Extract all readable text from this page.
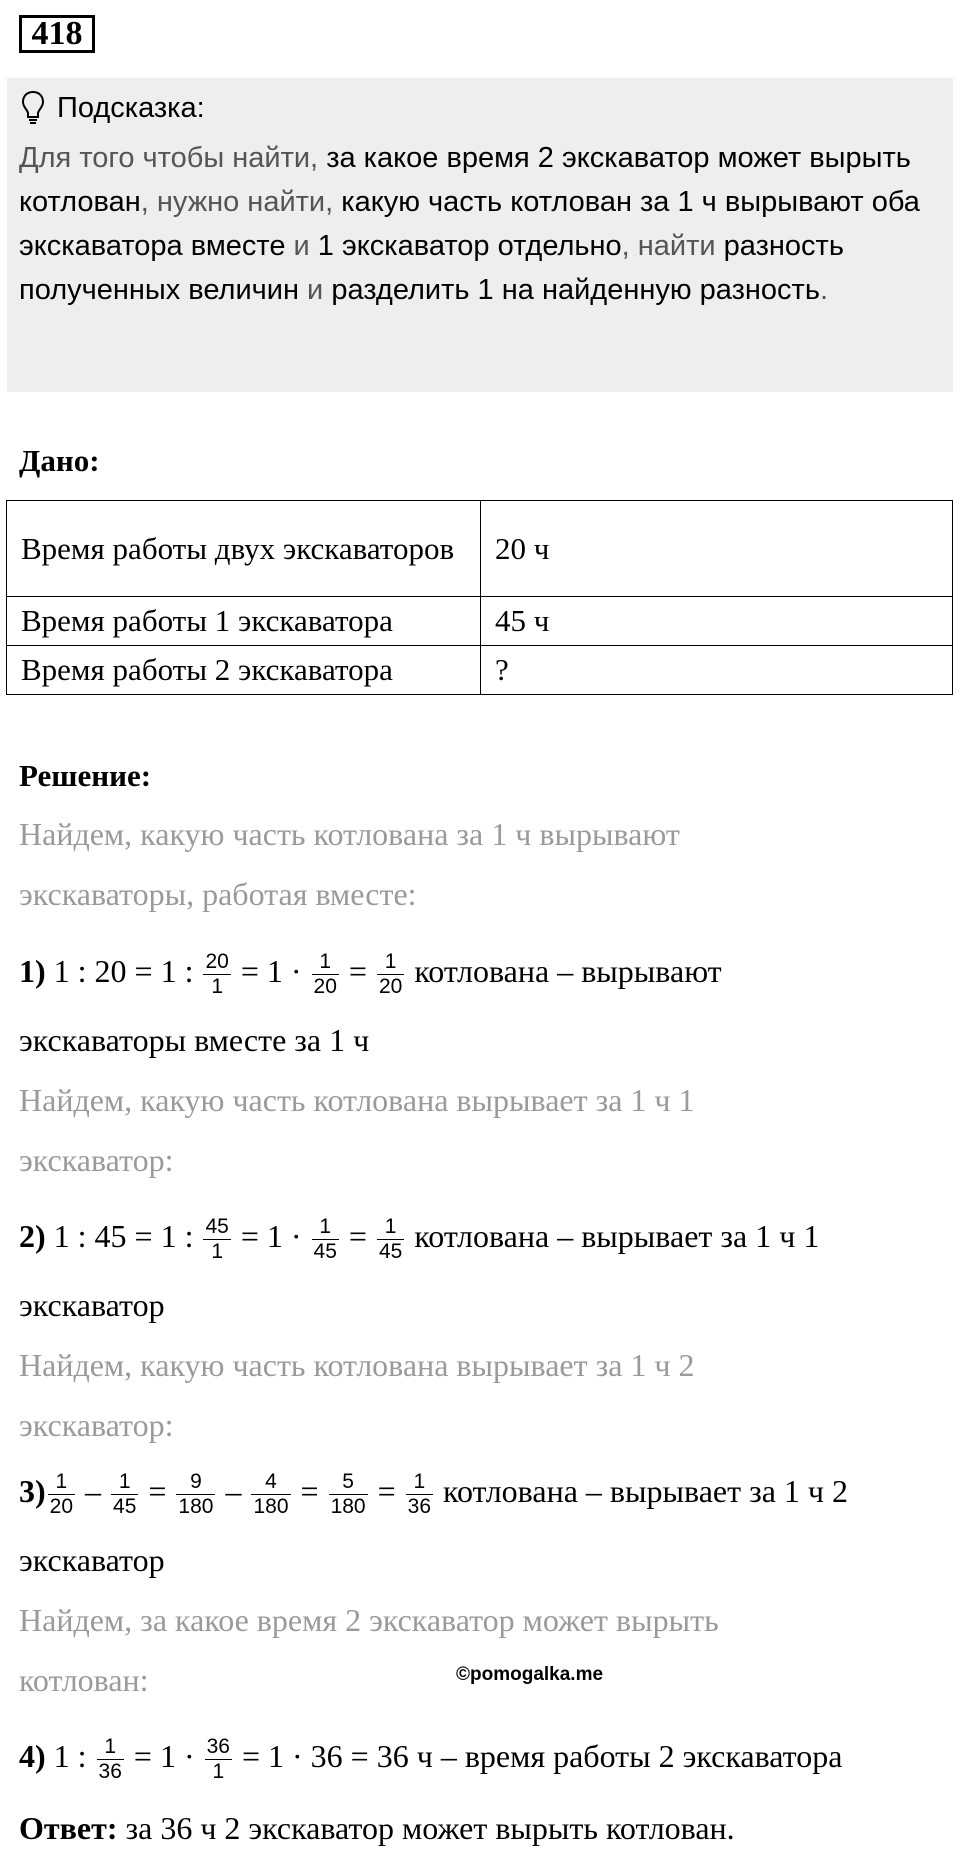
418
Подсказка:
Для того чтобы найти, за какое время 2 экскаватор может вырыть котлован, нужно найти, какую часть котлован за 1 ч вырывают оба экскаватора вместе и 1 экскаватор отдельно, найти разность полученных величин и разделить 1 на найденную разность.
Дано:
Время работы двух экскаваторов	20 ч
Время работы 1 экскаватора	45 ч
Время работы 2 экскаватора	?
Решение:
Найдем, какую часть котлована за 1 ч вырывают
экскаваторы, работая вместе:
1) 1 : 20 = 1 : $\frac{20}{1} = 1 \cdot \frac{1}{20} = \frac{1}{20}$ котлована – вырывают
экскаваторы вместе за 1 ч
Найдем, какую часть котлована вырывает за 1 ч 1
экскаватор:
2) 1 : 45 = 1 : $\frac{45}{1} = 1 \cdot \frac{1}{45} = \frac{1}{45}$ котлована – вырывает за 1 ч 1
экскаватор
Найдем, какую часть котлована вырывает за 1 ч 2
экскаватор:
$3) \frac{1}{20} - \frac{1}{45} = \frac{9}{180} - \frac{4}{180} = \frac{5}{180} = \frac{1}{36}$ котлована – вырывает за 1 ч 2
экскаватор
Найдем, за какое время 2 экскаватор может вырыть
котлован:	©pomogalka.me
4) 1 : $\frac{1}{36} = 1 \cdot \frac{36}{1} = 1 \cdot 36 = 36$ ч – время работы 2 экскаватора
Ответ: за 36 ч 2 экскаватор может вырыть котлован.
